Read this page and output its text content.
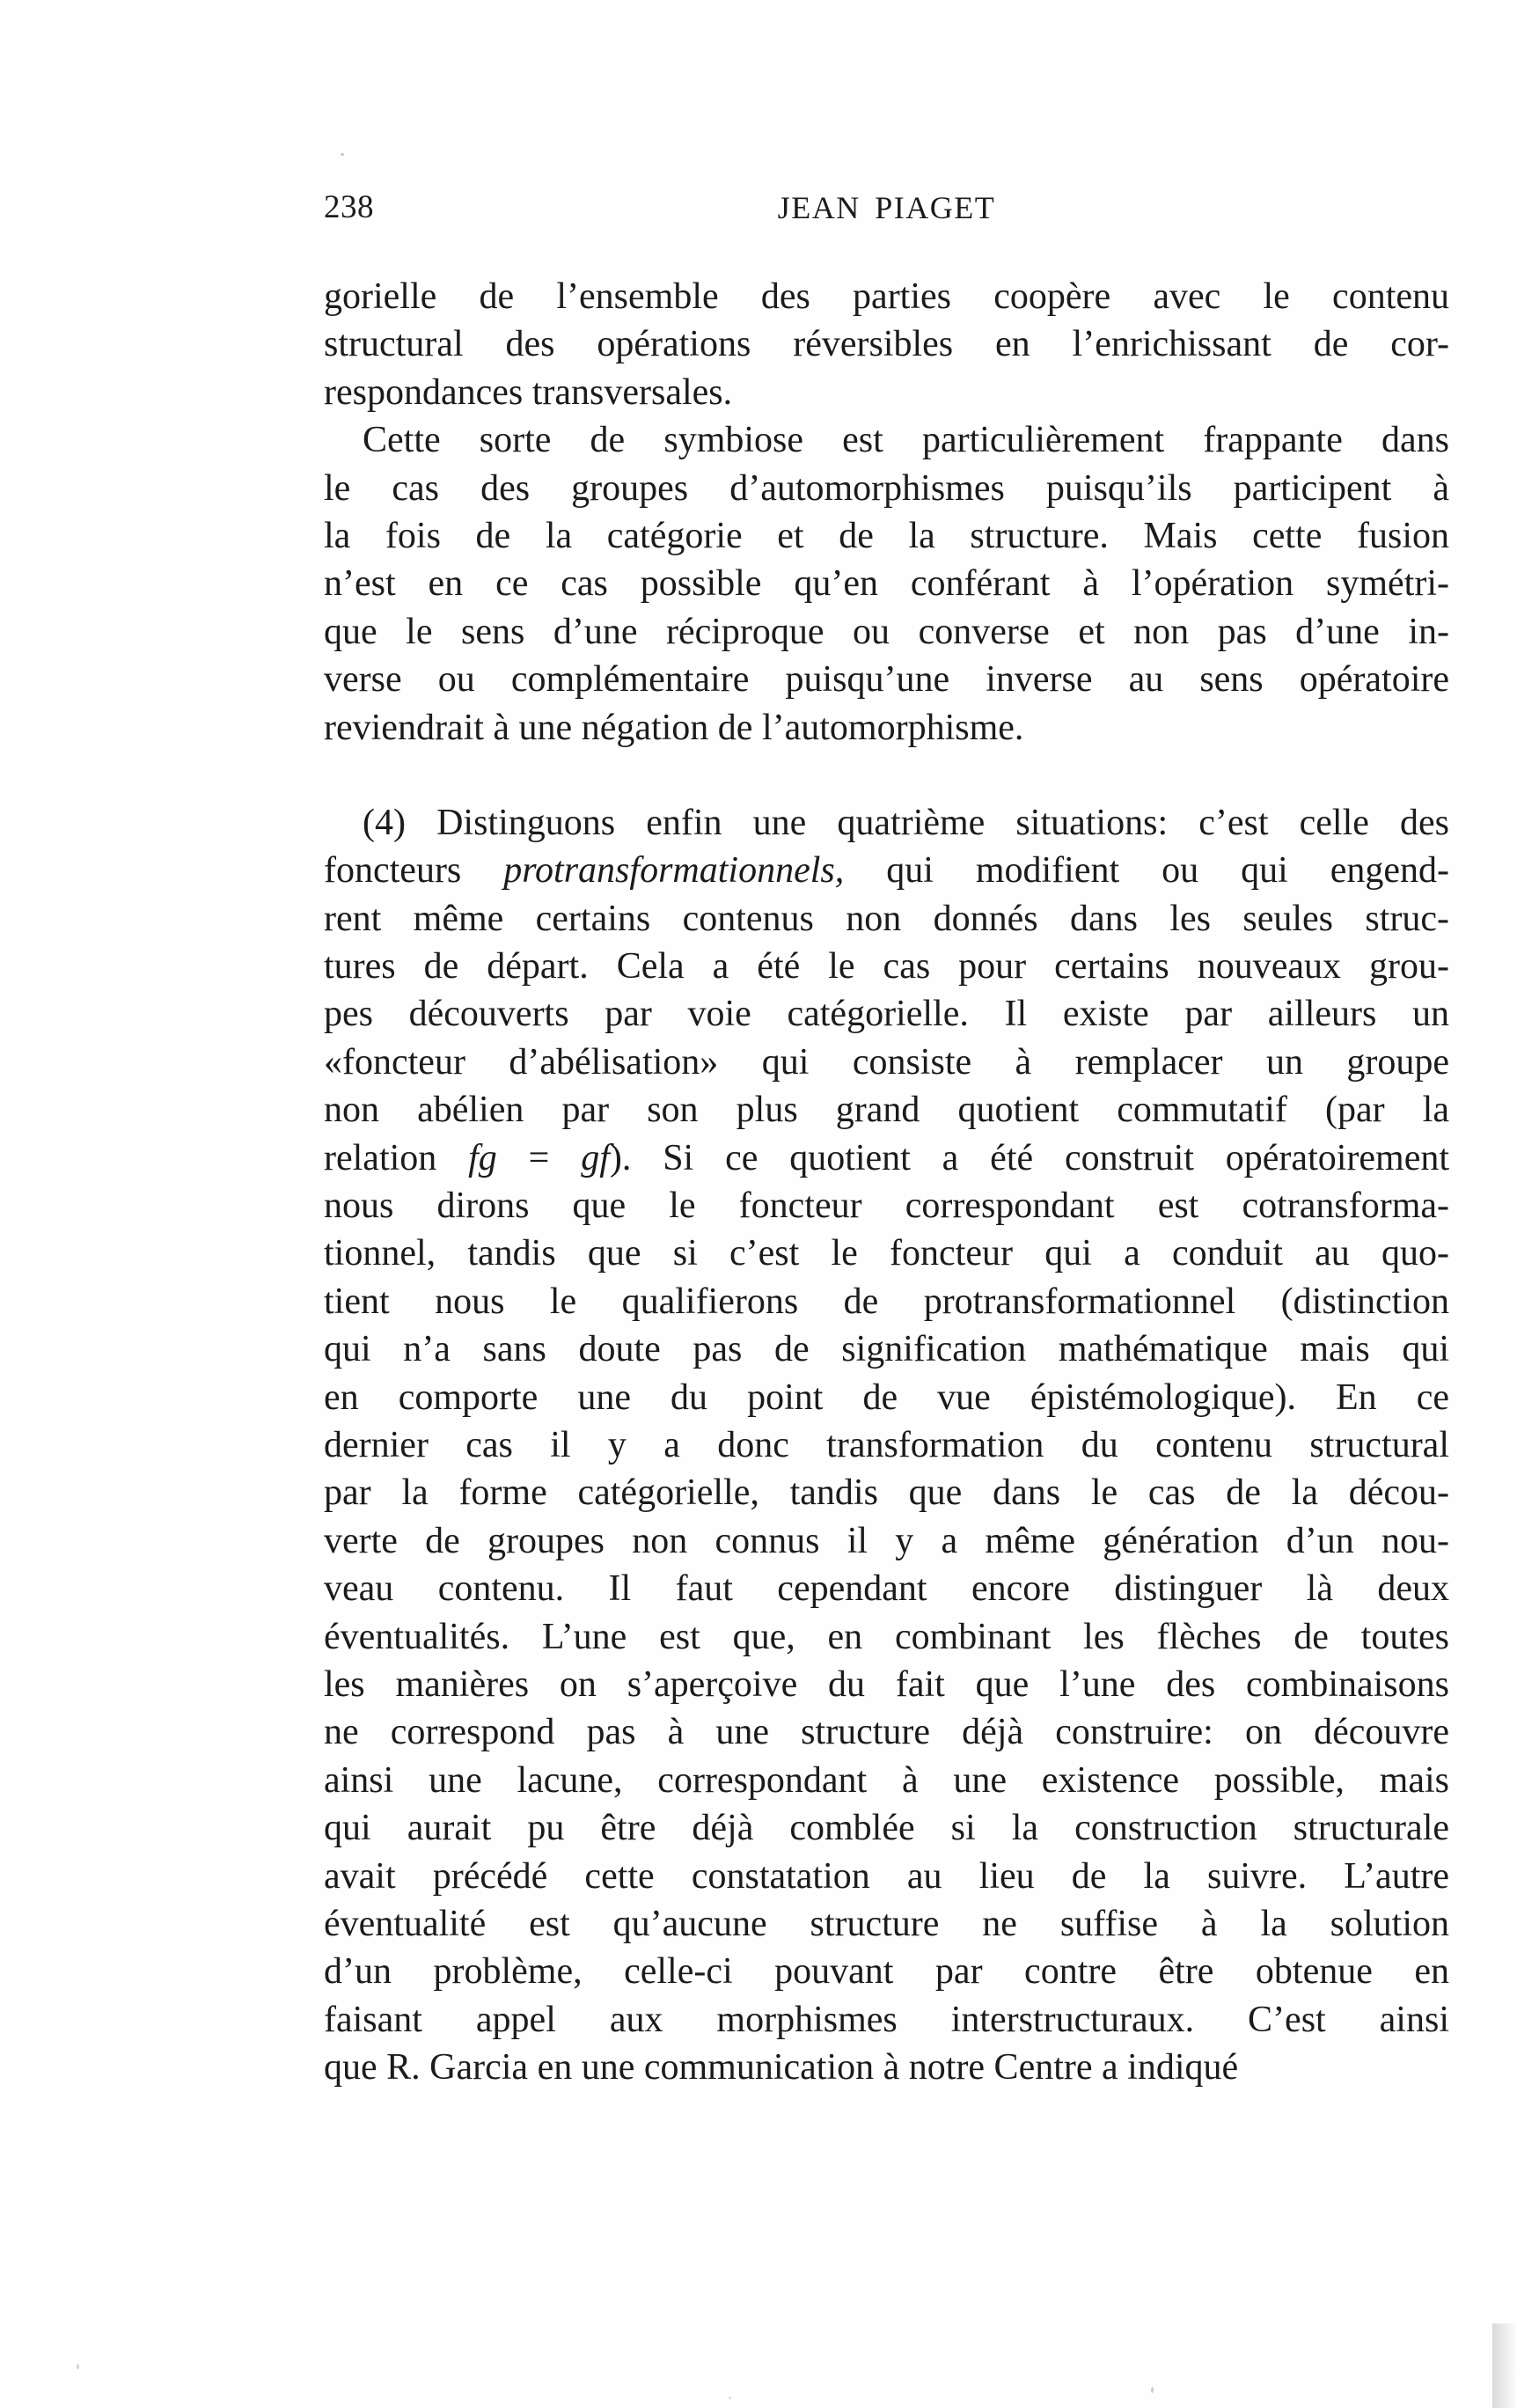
238	JEAN PIAGET
gorielle de l’ensemble des parties coopère avec le contenu
structural des opérations réversibles en l’enrichissant de cor-
respondances transversales.
Cette sorte de symbiose est particulièrement frappante dans
le cas des groupes d’automorphismes puisqu’ils participent à
la fois de la catégorie et de la structure. Mais cette fusion
n’est en ce cas possible qu’en conférant à l’opération symétri-
que le sens d’une réciproque ou converse et non pas d’une in-
verse ou complémentaire puisqu’une inverse au sens opératoire
reviendrait à une négation de l’automorphisme.
(4) Distinguons enfin une quatrième situations: c’est celle des
foncteurs protransformationnels, qui modifient ou qui engend-
rent même certains contenus non donnés dans les seules struc-
tures de départ. Cela a été le cas pour certains nouveaux grou-
pes découverts par voie catégorielle. Il existe par ailleurs un
«foncteur d’abélisation» qui consiste à remplacer un groupe
non abélien par son plus grand quotient commutatif (par la
relation fg = gf). Si ce quotient a été construit opératoirement
nous dirons que le foncteur correspondant est cotransforma-
tionnel, tandis que si c’est le foncteur qui a conduit au quo-
tient nous le qualifierons de protransformationnel (distinction
qui n’a sans doute pas de signification mathématique mais qui
en comporte une du point de vue épistémologique). En ce
dernier cas il y a donc transformation du contenu structural
par la forme catégorielle, tandis que dans le cas de la décou-
verte de groupes non connus il y a même génération d’un nou-
veau contenu. Il faut cependant encore distinguer là deux
éventualités. L’une est que, en combinant les flèches de toutes
les manières on s’aperçoive du fait que l’une des combinaisons
ne correspond pas à une structure déjà construire: on découvre
ainsi une lacune, correspondant à une existence possible, mais
qui aurait pu être déjà comblée si la construction structurale
avait précédé cette constatation au lieu de la suivre. L’autre
éventualité est qu’aucune structure ne suffise à la solution
d’un problème, celle-ci pouvant par contre être obtenue en
faisant appel aux morphismes interstructuraux. C’est ainsi
que R. Garcia en une communication à notre Centre a indiqué
